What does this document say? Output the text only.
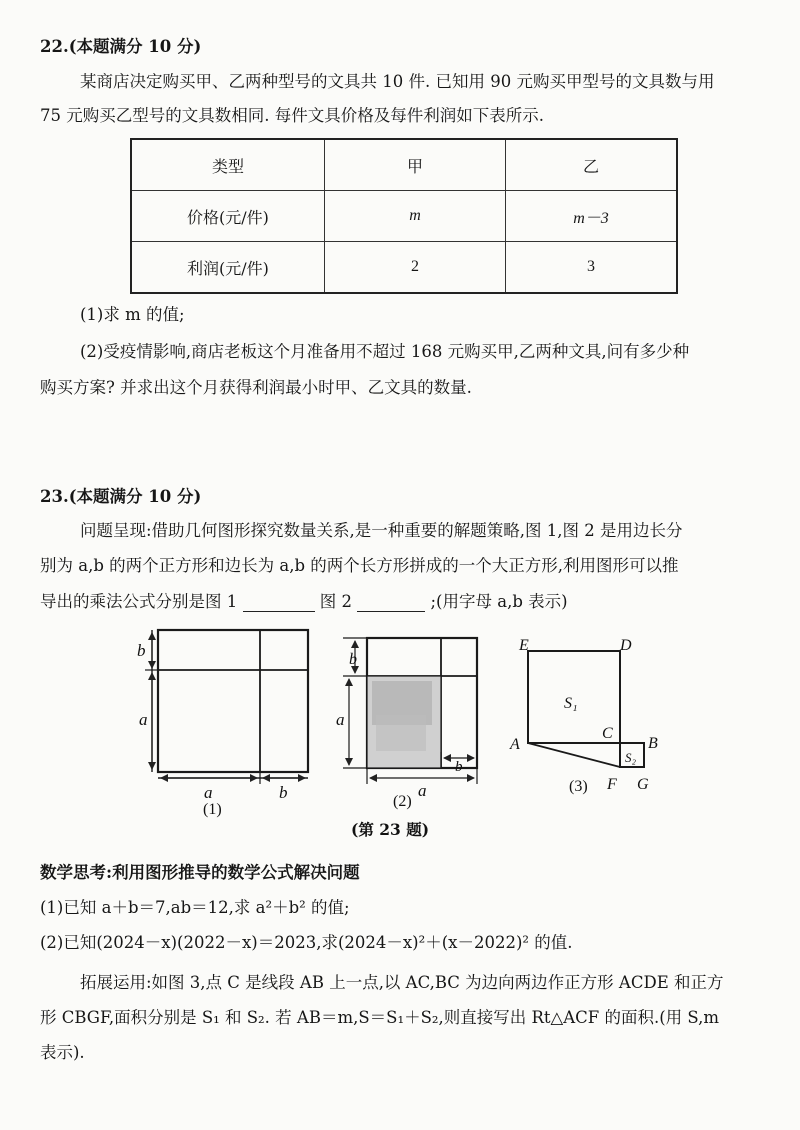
22.(本题满分 10 分)
某商店决定购买甲、乙两种型号的文具共 10 件. 已知用 90 元购买甲型号的文具数与用
75 元购买乙型号的文具数相同. 每件文具价格及每件利润如下表所示.
类型	甲	乙
价格(元/件)	m	m－3
利润(元/件)	2	3
(1)求 m 的值;
(2)受疫情影响,商店老板这个月准备用不超过 168 元购买甲,乙两种文具,问有多少种
购买方案? 并求出这个月获得利润最小时甲、乙文具的数量.
23.(本题满分 10 分)
问题呈现:借助几何图形探究数量关系,是一种重要的解题策略,图 1,图 2 是用边长分
别为 a,b 的两个正方形和边长为 a,b 的两个长方形拼成的一个大正方形,利用图形可以推
导出的乘法公式分别是图 1	图 2	;(用字母 a,b 表示)
b
a
a	b
(1)
b
a
a
b
(2)
E	D
S₁
A
C
S₂
B
F G
(3)
(第 23 题)
数学思考:利用图形推导的数学公式解决问题
(1)已知 a＋b＝7,ab＝12,求 a²＋b² 的值;
(2)已知(2024－x)(2022－x)＝2023,求(2024－x)²＋(x－2022)² 的值.
拓展运用:如图 3,点 C 是线段 AB 上一点,以 AC,BC 为边向两边作正方形 ACDE 和正方
形 CBGF,面积分别是 S₁ 和 S₂. 若 AB＝m,S＝S₁＋S₂,则直接写出 Rt△ACF 的面积.(用 S,m
表示).
